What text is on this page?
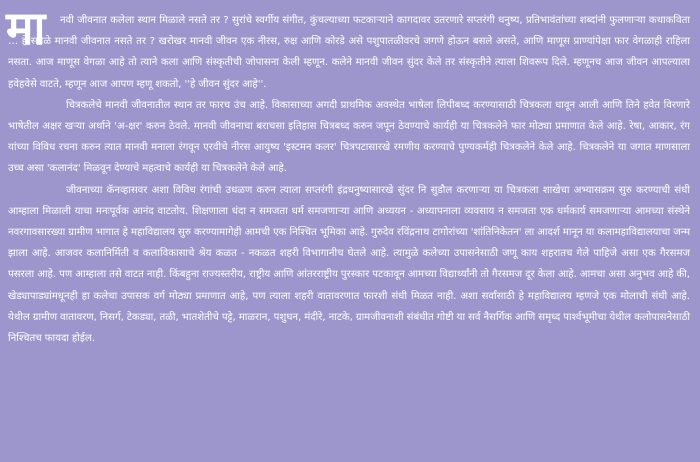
मा	नवी जीवनात कलेला स्थान मिळाले नसते तर ? सुरांचे स्वर्गीय संगीत, कुंचल्याच्या फटकाऱ्याने कागदावर उतरणारे सप्तरंगी धनुष्य, प्रतिभावंतांच्या शब्दांनी फुलणाऱ्या कथाकविता … हे सगळे मानवी जीवनात नसते तर ? खरोखर मानवी जीवन एक नीरस, रुक्ष आणि कोरडे असे पशुपातळीवरचे जगणे होऊन बसले असते, आणि माणूस प्राण्यांपेक्षा फार वेगळाही राहिला नसता. आज माणूस वेगळा आहे तो त्याने कला आणि संस्कृतीची जोपासना केली म्हणून. कलेने मानवी जीवन सुंदर केले तर संस्कृतीने त्याला शिवरूप दिले. म्हणूनच आज जीवन आपल्याला हवेहवेसे वाटते, म्हणून आज आपण म्हणू शकतो, ''हे जीवन सुंदर आहे''.

चित्रकलेचे मानवी जीवनातील स्थान तर फारच उंच आहे. विकासाच्या अगदी प्राथमिक अवस्थेत भाषेला लिपीबध्द करण्यासाठी चित्रकला धावून आली आणि तिने हवेत विरणारे भाषेतील अक्षर खऱ्या अर्थाने 'अ-क्षर' करुन ठेवले. मानवी जीवनाचा बराचसा इतिहास चित्रबध्द करुन जपून ठेवण्याचे कार्यही या चित्रकलेने फार मोठ्या प्रमाणात केले आहे. रेषा, आकार, रंग यांच्या विविध रचना करुन त्यात मानवी मनाला रंगवून एरवीचे नीरस आयुष्य 'इस्टमन कलर' चित्रपटासारखे रमणीय करण्याचे पुण्यकर्मही चित्रकलेने केले आहे. चित्रकलेने या जगात माणसाला उच्च असा 'कलानंद' मिळवून देण्याचे महत्वाचे कार्यही या चित्रकलेने केले आहे.

जीवनाच्या कॅनव्हासवर अशा विविध रंगांची उधळण करुन त्याला सप्तरंगी इंद्रधनुष्यासारखे सुंदर नि सुडौल करणाऱ्या या चित्रकला शाखेचा अभ्यासक्रम सुरु करण्याची संधी आम्हाला मिळाली याचा मनःपूर्वक आनंद वाटतोय. शिक्षणाला धंदा न समजता धर्म समजणाऱ्या आणि अध्ययन - अध्यापनाला व्यवसाय न समजता एक धर्मकार्य समजणाऱ्या आमच्या संस्थेने नवरगावसारख्या ग्रामीण भागात हे महाविद्यालय सुरु करण्यामागेही आमची एक निश्चित भूमिका आहे. गुरुदेव रविंद्रनाथ टागोरांच्या 'शांतिनिकेतन' ला आदर्श मानून या कलामहाविद्यालयाचा जन्म झाला आहे. आजवर कलानिर्मिती व कलाविकासाचे श्रेय कळत - नकळत शहरी विभागानीच घेतले आहे. त्यामुळे कलेच्या उपासनेसाठी जणू काय शहरातच गेले पाहिजे असा एक गैरसमज पसरला आहे. पण आम्हाला तसे वाटत नाही. किंबहुना राज्यस्तरीय, राष्ट्रीय आणि आंतरराष्ट्रीय पुरस्कार पटकावून आमच्या विद्यार्थ्यांनी तो गैरसमज दूर केला आहे. आमचा असा अनुभव आहे की, खेड्यापाड्यांमधूनही हा कलेचा उपासक वर्ग मोठ्या प्रमाणात आहे, पण त्याला शहरी वातावरणात फारशी संधी मिळत नाही. अशा सर्वांसाठी हे महाविद्यालय म्हणजे एक मोलाची संधी आहे. येथील ग्रामीण वातावरण, निसर्ग, टेकड्या, तळी, भातशेतीचे पट्टे, माळरान, पशुधन, मंदीरे, नाटके, ग्रामजीवनाशी संबंधीत गोष्टी या सर्व नैसर्गिक आणि समृध्द पार्श्वभूमीचा येथील कलोपासनेसाठी निश्चितच फायदा होईल.
